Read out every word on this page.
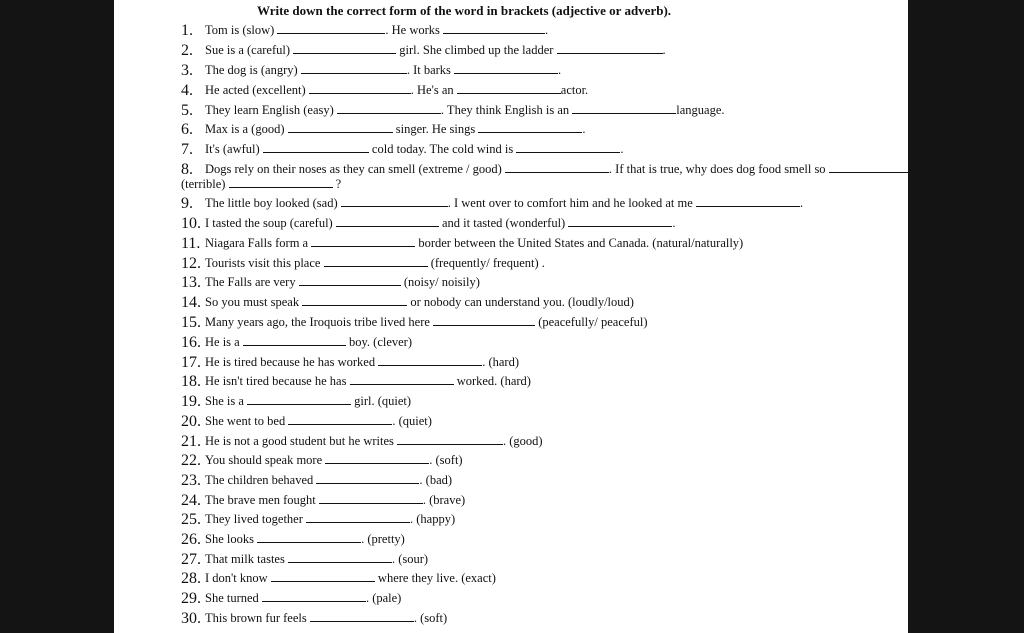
Write down the correct form of the word in brackets (adjective or adverb).
1. Tom is (slow)	. He works	.
2. Sue is a (careful)	girl. She climbed up the ladder	.
3. The dog is (angry)	. It barks	.
4. He acted (excellent)	. He's an	actor.
5. They learn English (easy)	. They think English is an	language.
6. Max is a (good)	singer. He sings	.
7. It's (awful)	cold today. The cold wind is	.
8. Dogs rely on their noses as they can smell (extreme / good)	. If that is true, why does dog food smell so
9. The little boy looked (sad)	. I went over to comfort him and he looked at me	.
10. I tasted the soup (careful)	and it tasted (wonderful)	.
11. Niagara Falls form a	border between the United States and Canada. (natural/naturally)
12. Tourists visit this place	(frequently/ frequent) .
13. The Falls are very	(noisy/ noisily)
14. So you must speak	or nobody can understand you. (loudly/loud)
15. Many years ago, the Iroquois tribe lived here	(peacefully/ peaceful)
16. He is a	boy. (clever)
17. He is tired because he has worked	. (hard)
18. He isn't tired because he has	worked. (hard)
19. She is a	girl. (quiet)
20. She went to bed	. (quiet)
21. He is not a good student but he writes	. (good)
22. You should speak more	. (soft)
23. The children behaved	. (bad)
24. The brave men fought	. (brave)
25. They lived together	. (happy)
26. She looks	. (pretty)
27. That milk tastes	. (sour)
28. I don't know	where they live. (exact)
29. She turned	. (pale)
30. This brown fur feels	. (soft)
(terrible)	?
